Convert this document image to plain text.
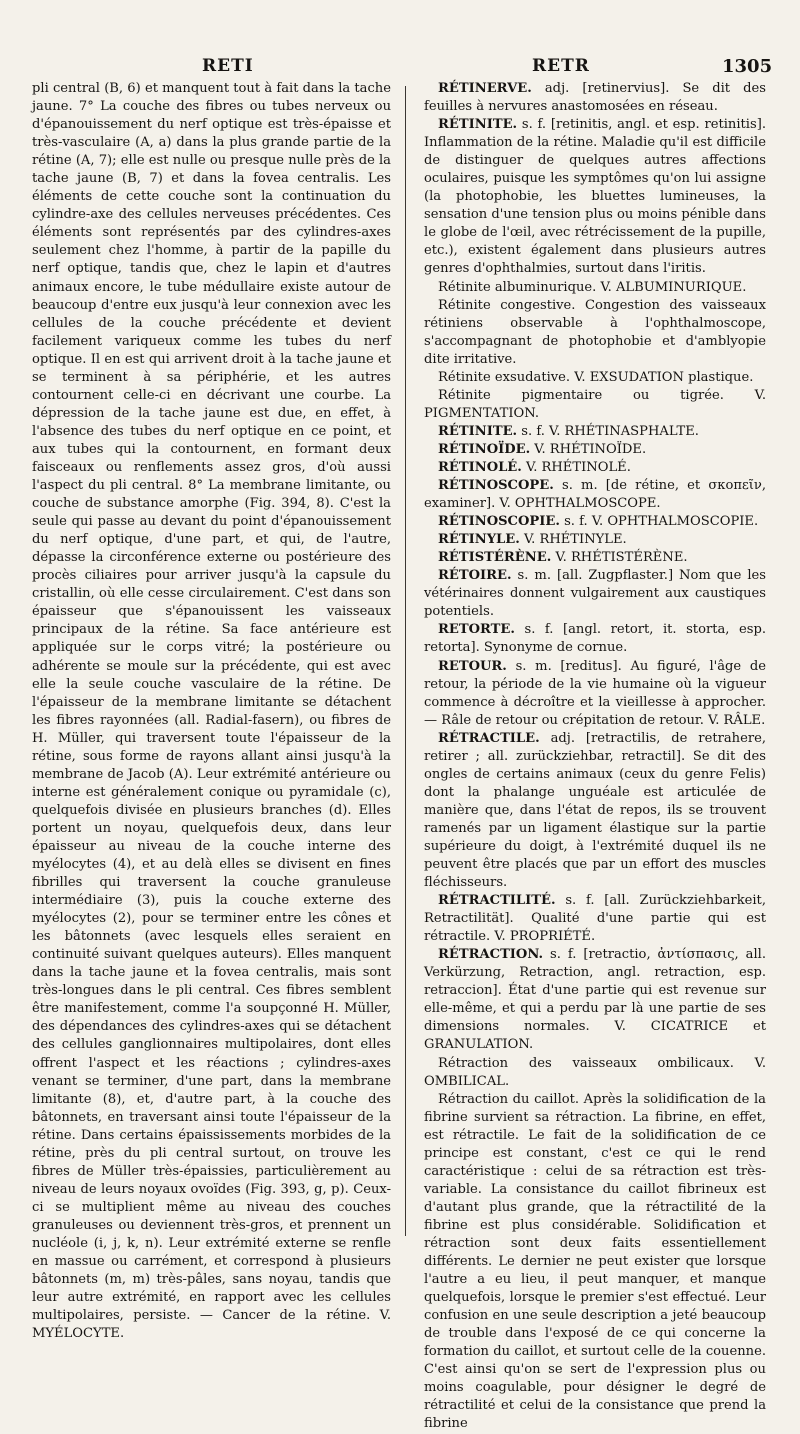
RETI	RETR	1305

pli central (B, 6) et manquent tout à fait dans la tache jaune. 7° La couche des fibres ou tubes nerveux ou d'épanouissement du nerf optique est très-épaisse et très-vasculaire (A, a) dans la plus grande partie de la rétine (A, 7); elle est nulle ou presque nulle près de la tache jaune (B, 7) et dans la fovea centralis. Les éléments de cette couche sont la continuation du cylindre-axe des cellules nerveuses précédentes. Ces éléments sont représentés par des cylindres-axes seulement chez l'homme, à partir de la papille du nerf optique, tandis que, chez le lapin et d'autres animaux encore, le tube médullaire existe autour de beaucoup d'entre eux jusqu'à leur connexion avec les cellules de la couche précédente et devient facilement variqueux comme les tubes du nerf optique. Il en est qui arrivent droit à la tache jaune et se terminent à sa périphérie, et les autres contournent celle-ci en décrivant une courbe. La dépression de la tache jaune est due, en effet, à l'absence des tubes du nerf optique en ce point, et aux tubes qui la contournent, en formant deux faisceaux ou renflements assez gros, d'où aussi l'aspect du pli central. 8° La membrane limitante, ou couche de substance amorphe (Fig. 394, 8). C'est la seule qui passe au devant du point d'épanouissement du nerf optique, d'une part, et qui, de l'autre, dépasse la circonférence externe ou postérieure des procès ciliaires pour arriver jusqu'à la capsule du cristallin, où elle cesse circulairement. C'est dans son épaisseur que s'épanouissent les vaisseaux principaux de la rétine. Sa face antérieure est appliquée sur le corps vitré; la postérieure ou adhérente se moule sur la précédente, qui est avec elle la seule couche vasculaire de la rétine. De l'épaisseur de la membrane limitante se détachent les fibres rayonnées (all. Radial-fasern), ou fibres de H. Müller, qui traversent toute l'épaisseur de la rétine, sous forme de rayons allant ainsi jusqu'à la membrane de Jacob (A). Leur extrémité antérieure ou interne est généralement conique ou pyramidale (c), quelquefois divisée en plusieurs branches (d). Elles portent un noyau, quelquefois deux, dans leur épaisseur au niveau de la couche interne des myélocytes (4), et au delà elles se divisent en fines fibrilles qui traversent la couche granuleuse intermédiaire (3), puis la couche externe des myélocytes (2), pour se terminer entre les cônes et les bâtonnets (avec lesquels elles seraient en continuité suivant quelques auteurs). Elles manquent dans la tache jaune et la fovea centralis, mais sont très-longues dans le pli central. Ces fibres semblent être manifestement, comme l'a soupçonné H. Müller, des dépendances des cylindres-axes qui se détachent des cellules ganglionnaires multipolaires, dont elles offrent l'aspect et les réactions ; cylindres-axes venant se terminer, d'une part, dans la membrane limitante (8), et, d'autre part, à la couche des bâtonnets, en traversant ainsi toute l'épaisseur de la rétine. Dans certains épaississements morbides de la rétine, près du pli central surtout, on trouve les fibres de Müller très-épaissies, particulièrement au niveau de leurs noyaux ovoïdes (Fig. 393, g, p). Ceux-ci se multiplient même au niveau des couches granuleuses ou deviennent très-gros, et prennent un nucléole (i, j, k, n). Leur extrémité externe se renfle en massue ou carrément, et correspond à plusieurs bâtonnets (m, m) très-pâles, sans noyau, tandis que leur autre extrémité, en rapport avec les cellules multipolaires, persiste. — Cancer de la rétine. V. MYÉLOCYTE.

RÉTINERVE. adj. [retinervius]. Se dit des feuilles à nervures anastomosées en réseau.

RÉTINITE. s. f. [retinitis, angl. et esp. retinitis]. Inflammation de la rétine. Maladie qu'il est difficile de distinguer de quelques autres affections oculaires, puisque les symptômes qu'on lui assigne (la photophobie, les bluettes lumineuses, la sensation d'une tension plus ou moins pénible dans le globe de l'œil, avec rétrécissement de la pupille, etc.), existent également dans plusieurs autres genres d'ophthalmies, surtout dans l'iritis.

Rétinite albuminurique. V. ALBUMINURIQUE.

Rétinite congestive. Congestion des vaisseaux rétiniens observable à l'ophthalmoscope, s'accompagnant de photophobie et d'amblyopie dite irritative.

Rétinite exsudative. V. EXSUDATION plastique.

Rétinite pigmentaire ou tigrée. V. PIGMENTATION.

RÉTINITE. s. f. V. RHÉTINASPHALTE.

RÉTINOÏDE. V. RHÉTINOÏDE.

RÉTINOLÉ. V. RHÉTINOLÉ.

RÉTINOSCOPE. s. m. [de rétine, et σκοπεῖν, examiner]. V. OPHTHALMOSCOPE.

RÉTINOSCOPIE. s. f. V. OPHTHALMOSCOPIE.

RÉTINYLE. V. RHÉTINYLE.

RÉTISTÉRÈNE. V. RHÉTISTÉRÈNE.

RÉTOIRE. s. m. [all. Zugpflaster.] Nom que les vétérinaires donnent vulgairement aux caustiques potentiels.

RETORTE. s. f. [angl. retort, it. storta, esp. retorta]. Synonyme de cornue.

RETOUR. s. m. [reditus]. Au figuré, l'âge de retour, la période de la vie humaine où la vigueur commence à décroître et la vieillesse à approcher. — Râle de retour ou crépitation de retour. V. RÂLE.

RÉTRACTILE. adj. [retractilis, de retrahere, retirer ; all. zurückziehbar, retractil]. Se dit des ongles de certains animaux (ceux du genre Felis) dont la phalange unguéale est articulée de manière que, dans l'état de repos, ils se trouvent ramenés par un ligament élastique sur la partie supérieure du doigt, à l'extrémité duquel ils ne peuvent être placés que par un effort des muscles fléchisseurs.

RÉTRACTILITÉ. s. f. [all. Zurückziehbarkeit, Retractilität]. Qualité d'une partie qui est rétractile. V. PROPRIÉTÉ.

RÉTRACTION. s. f. [retractio, ἀντίσπασις, all. Verkürzung, Retraction, angl. retraction, esp. retraccion]. État d'une partie qui est revenue sur elle-même, et qui a perdu par là une partie de ses dimensions normales. V. CICATRICE et GRANULATION.

Rétraction des vaisseaux ombilicaux. V. OMBILICAL.

Rétraction du caillot. Après la solidification de la fibrine survient sa rétraction. La fibrine, en effet, est rétractile. Le fait de la solidification de ce principe est constant, c'est ce qui le rend caractéristique : celui de sa rétraction est très-variable. La consistance du caillot fibrineux est d'autant plus grande, que la rétractilité de la fibrine est plus considérable. Solidification et rétraction sont deux faits essentiellement différents. Le dernier ne peut exister que lorsque l'autre a eu lieu, il peut manquer, et manque quelquefois, lorsque le premier s'est effectué. Leur confusion en une seule description a jeté beaucoup de trouble dans l'exposé de ce qui concerne la formation du caillot, et surtout celle de la couenne. C'est ainsi qu'on se sert de l'expression plus ou moins coagulable, pour désigner le degré de rétractilité et celui de la consistance que prend la fibrine
